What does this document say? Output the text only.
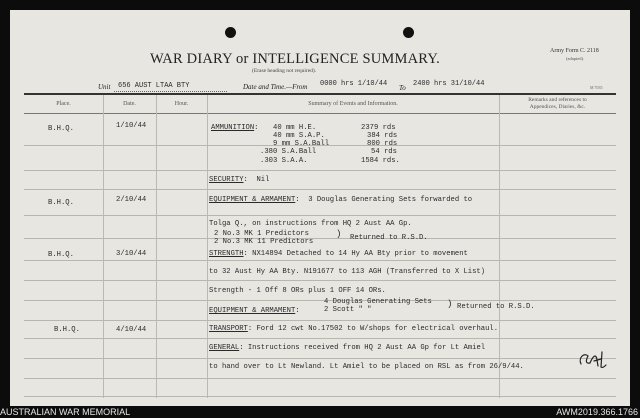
WAR DIARY or INTELLIGENCE SUMMARY.
(Erase heading not required).
Army Form C. 2118
(adapted).
M 7035
Unit 656 AUST LTAA BTY	Date and Time.—From 0000 hrs 1/10/44 To 2400 hrs 31/10/44
Place.	Date.	Hour.	Summary of Events and Information.
Remarks and references to
Appendices, Diaries, &c.
B.H.Q.	1/10/44	AMMUNITION: 40 mm H.E.	2379 rds
40 mm S.A.P.	384 rds
9 mm S.A.Ball	800 rds
.380 S.A.Ball	54 rds
.303 S.A.A.	1584 rds.
SECURITY:  Nil
B.H.Q.	2/10/44	EQUIPMENT & ARMAMENT:  3 Douglas Generating Sets forwarded to
Tolga Q., on instructions from HQ 2 Aust AA Gp.
2 No.3 MK 1 Predictors
2 No.3 MK 11 Predictors
) Returned to R.S.D.
B.H.Q.	3/10/44	STRENGTH: NX14894 Detached to 14 Hy AA Bty prior to movement
to 32 Aust Hy AA Bty. N191677 to 113 AGH (Transferred to X List)
Strength - 1 Off 8 ORs plus 1 OFF 14 ORs.
4 Douglas Generating Sets
2 Scott " "
)
EQUIPMENT & ARMAMENT:	Returned to R.S.D.
B.H.Q.	4/10/44	TRANSPORT: Ford 12 cwt No.17502 to W/shops for electrical overhaul.
GENERAL: Instructions received from HQ 2 Aust AA Gp for Lt Amiel
to hand over to Lt Newland. Lt Amiel to be placed on RSL as from 26/9/44.
AUSTRALIAN WAR MEMORIAL	AWM2019.366.1766
